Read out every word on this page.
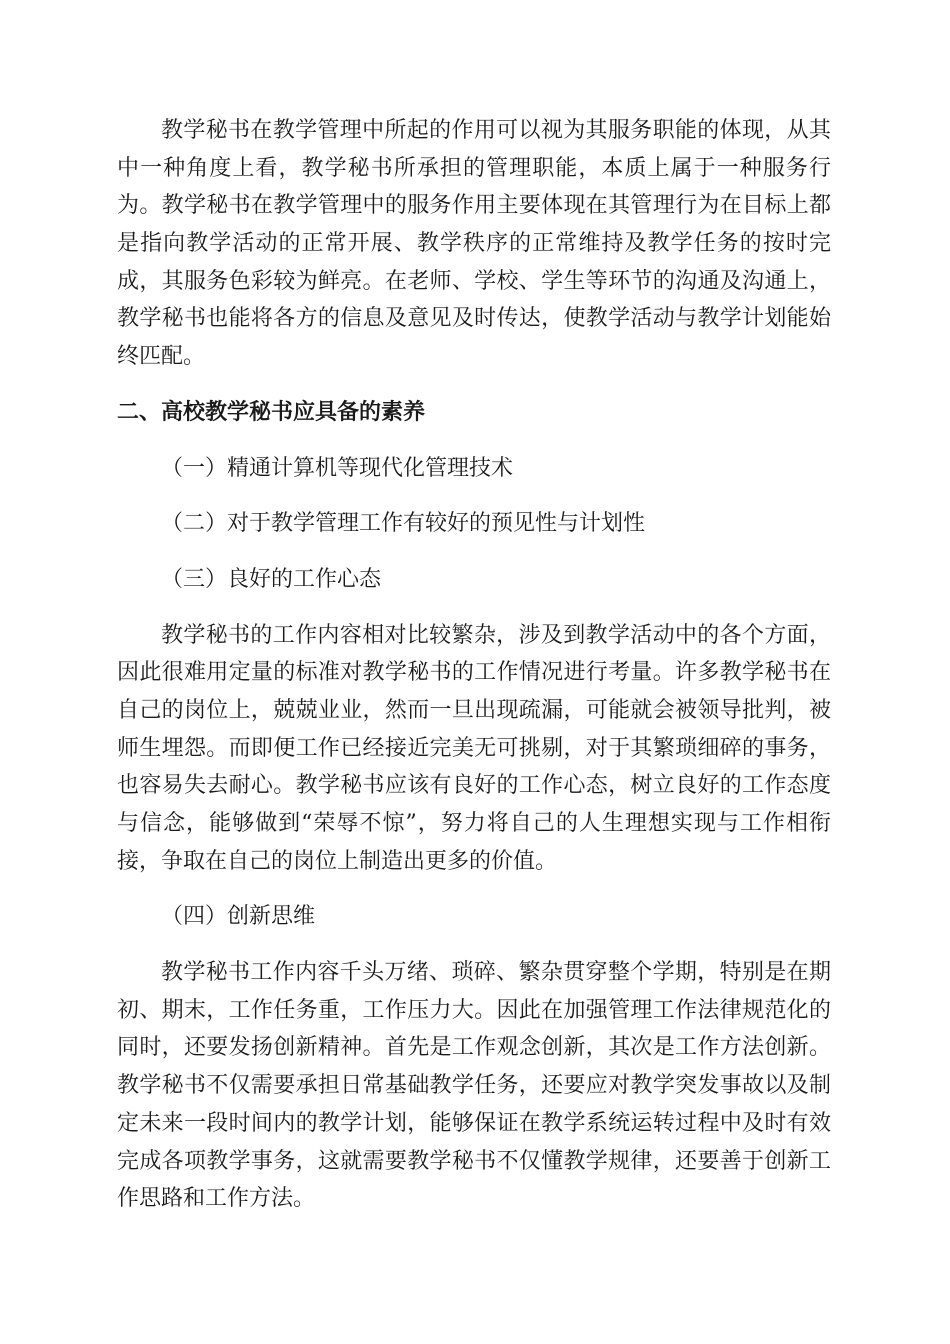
教学秘书在教学管理中所起的作用可以视为其服务职能的体现，从其
中一种角度上看，教学秘书所承担的管理职能，本质上属于一种服务行
为。教学秘书在教学管理中的服务作用主要体现在其管理行为在目标上都
是指向教学活动的正常开展、教学秩序的正常维持及教学任务的按时完
成，其服务色彩较为鲜亮。在老师、学校、学生等环节的沟通及沟通上，
教学秘书也能将各方的信息及意见及时传达，使教学活动与教学计划能始
终匹配。
二、高校教学秘书应具备的素养
（一）精通计算机等现代化管理技术
（二）对于教学管理工作有较好的预见性与计划性
（三）良好的工作心态
教学秘书的工作内容相对比较繁杂，涉及到教学活动中的各个方面，
因此很难用定量的标准对教学秘书的工作情况进行考量。许多教学秘书在
自己的岗位上，兢兢业业，然而一旦出现疏漏，可能就会被领导批判，被
师生埋怨。而即便工作已经接近完美无可挑剔，对于其繁琐细碎的事务，
也容易失去耐心。教学秘书应该有良好的工作心态，树立良好的工作态度
与信念，能够做到“荣辱不惊”，努力将自己的人生理想实现与工作相衔
接，争取在自己的岗位上制造出更多的价值。
（四）创新思维
教学秘书工作内容千头万绪、琐碎、繁杂贯穿整个学期，特别是在期
初、期末，工作任务重，工作压力大。因此在加强管理工作法律规范化的
同时，还要发扬创新精神。首先是工作观念创新，其次是工作方法创新。
教学秘书不仅需要承担日常基础教学任务，还要应对教学突发事故以及制
定未来一段时间内的教学计划，能够保证在教学系统运转过程中及时有效
完成各项教学事务，这就需要教学秘书不仅懂教学规律，还要善于创新工
作思路和工作方法。
